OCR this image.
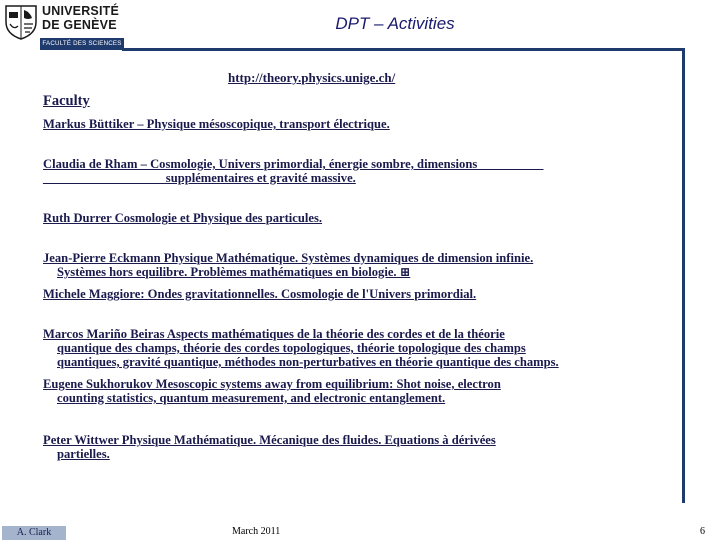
UNIVERSITÉ
DE GENÈVE
FACULTÉ DES SCIENCES
DPT – Activities
http://theory.physics.unige.ch/
Faculty
Markus Büttiker – Physique mésoscopique, transport électrique.
Claudia de Rham – Cosmologie, Univers primordial, énergie sombre, dimensions __________
___________________ supplémentaires et gravité massive.
Ruth Durrer Cosmologie et Physique des particules.
Jean-Pierre Eckmann Physique Mathématique. Systèmes dynamiques de dimension infinie.
Systèmes hors equilibre. Problèmes mathématiques en biologie. ⊞
Michele Maggiore: Ondes gravitationnelles. Cosmologie de l'Univers primordial.
Marcos Mariño Beiras Aspects mathématiques de la théorie des cordes et de la théorie
quantique des champs, théorie des cordes topologiques, théorie topologique des champs
quantiques, gravité quantique, méthodes non-perturbatives en théorie quantique des champs.
Eugene Sukhorukov Mesoscopic systems away from equilibrium: Shot noise, electron
counting statistics, quantum measurement, and electronic entanglement.
Peter Wittwer Physique Mathématique. Mécanique des fluides. Equations à dérivées
partielles.
A. Clark	March 2011	6
